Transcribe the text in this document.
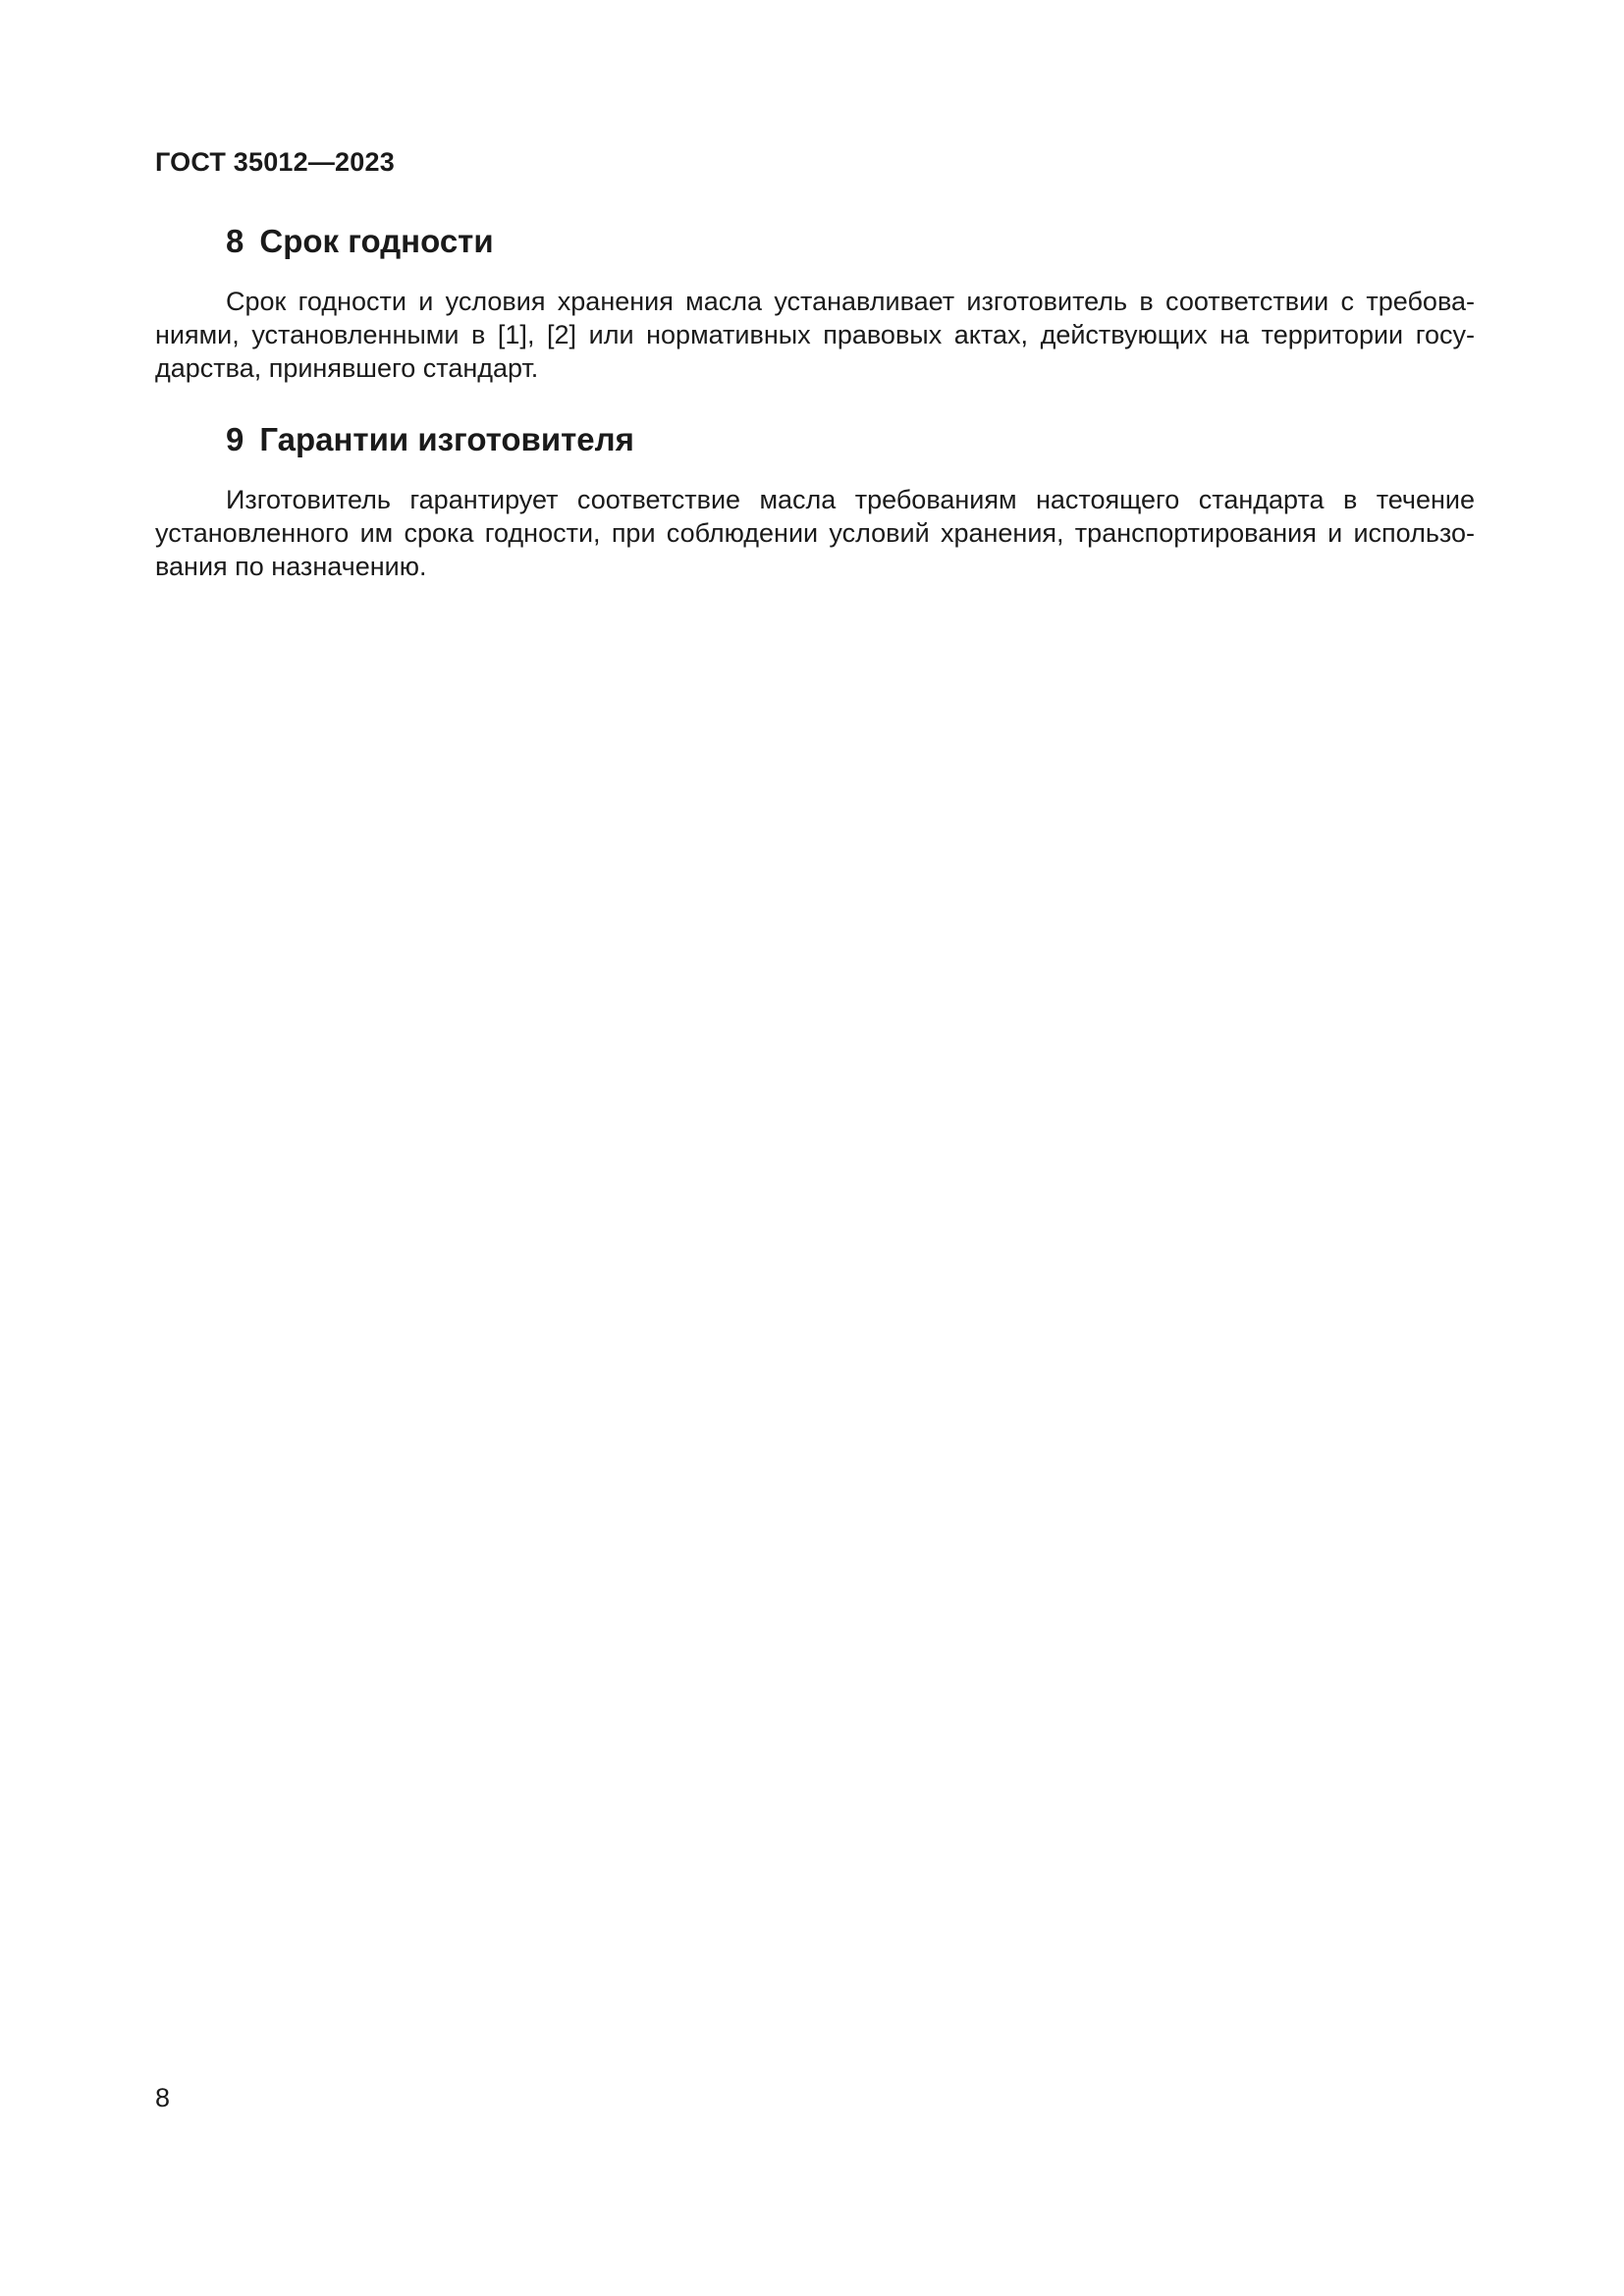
ГОСТ 35012—2023

8 Срок годности

Срок годности и условия хранения масла устанавливает изготовитель в соответствии с требованиями, установленными в [1], [2] или нормативных правовых актах, действующих на территории государства, принявшего стандарт.

9 Гарантии изготовителя

Изготовитель гарантирует соответствие масла требованиям настоящего стандарта в течение установленного им срока годности, при соблюдении условий хранения, транспортирования и использования по назначению.

8
